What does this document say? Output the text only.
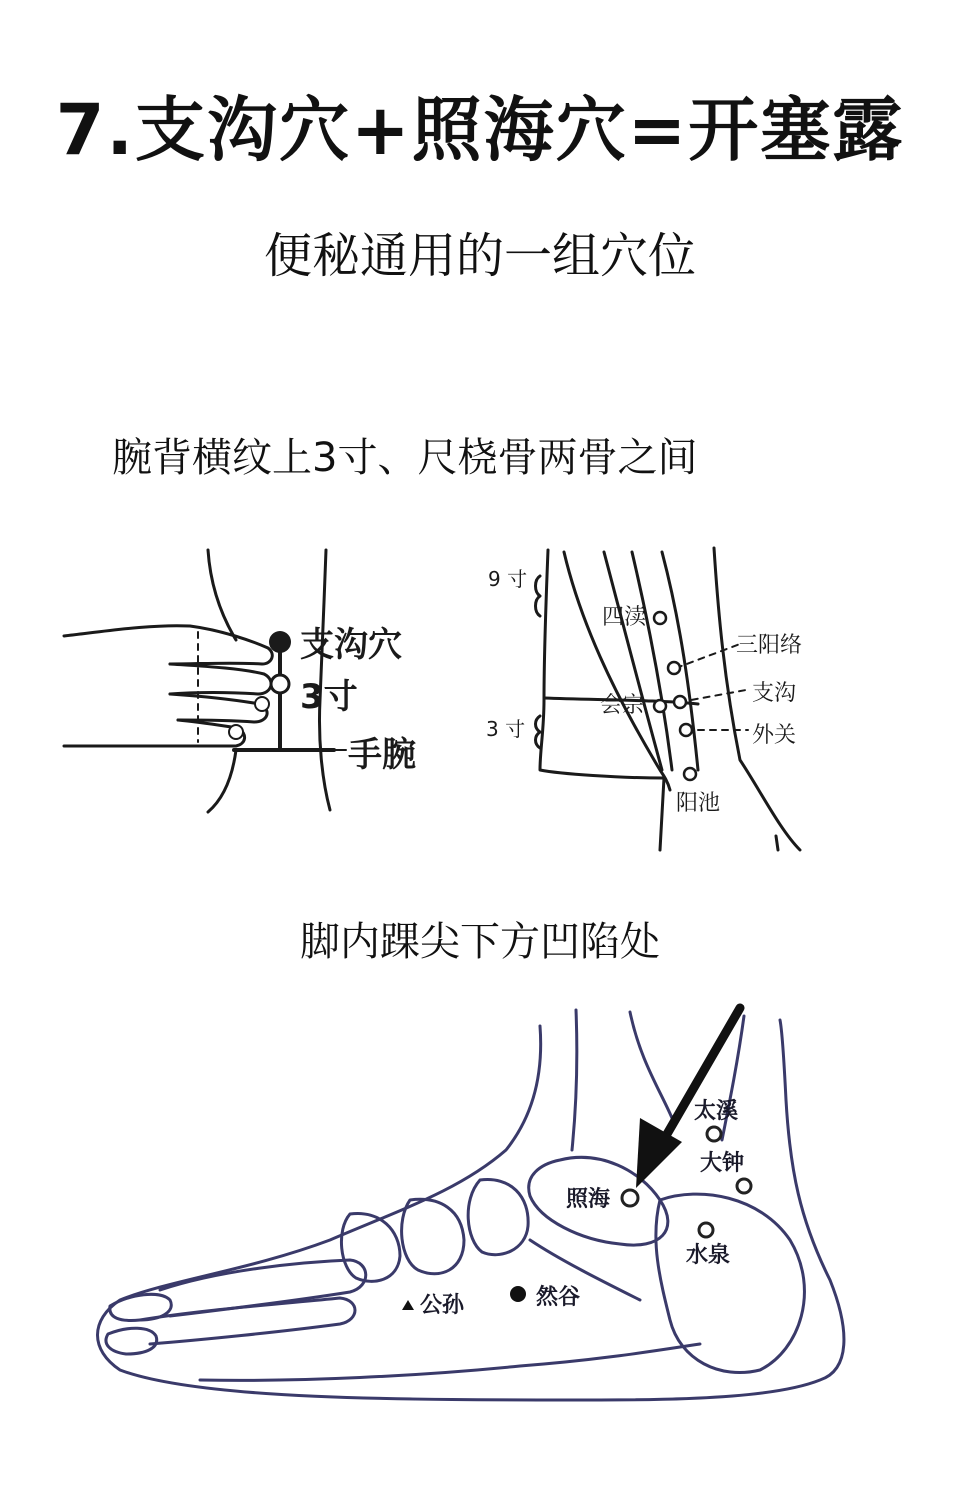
7.支沟穴+照海穴=开塞露
便秘通用的一组穴位
腕背横纹上3寸、尺桡骨两骨之间
脚内踝尖下方凹陷处
支沟穴
3寸
手腕
9 寸
3 寸
四渎
会宗
三阳络
支沟
外关
阳池
太溪
大钟
照海
水泉
公孙	然谷
